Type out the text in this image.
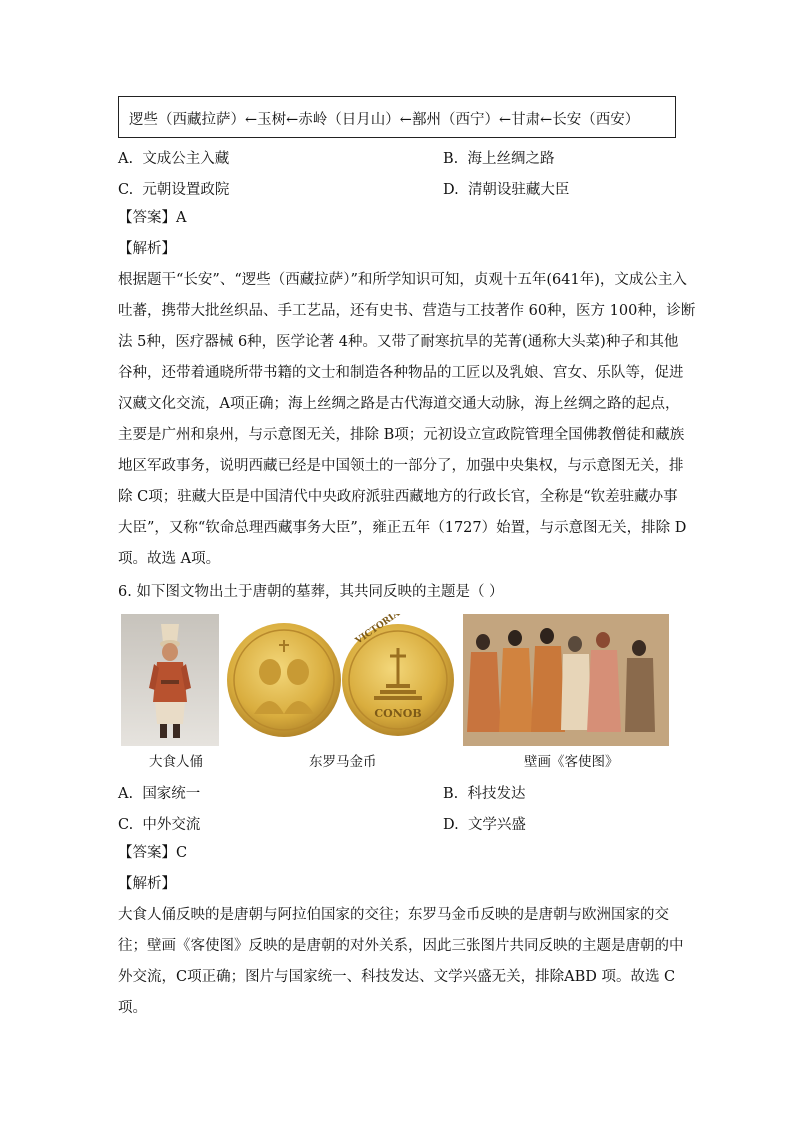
逻些（西藏拉萨）←玉树←赤岭（日月山）←鄯州（西宁）←甘肃←长安（西安）
A. 文成公主入藏	B. 海上丝绸之路
C. 元朝设置政院	D. 清朝设驻藏大臣
【答案】A
【解析】
根据题干“长安”、“逻些（西藏拉萨）”和所学知识可知，贞观十五年(641年)，文成公主入
吐蕃，携带大批丝织品、手工艺品，还有史书、营造与工技著作 60种，医方 100种，诊断
法 5种，医疗器械 6种，医学论著 4种。又带了耐寒抗旱的芜菁(通称大头菜)种子和其他
谷种，还带着通晓所带书籍的文士和制造各种物品的工匠以及乳娘、宫女、乐队等，促进
汉藏文化交流，A项正确；海上丝绸之路是古代海道交通大动脉，海上丝绸之路的起点，
主要是广州和泉州，与示意图无关，排除 B项；元初设立宣政院管理全国佛教僧徒和藏族
地区军政事务，说明西藏已经是中国领土的一部分了，加强中央集权，与示意图无关，排
除 C项；驻藏大臣是中国清代中央政府派驻西藏地方的行政长官，全称是“钦差驻藏办事
大臣”，又称“钦命总理西藏事务大臣”，雍正五年（1727）始置，与示意图无关，排除 D
项。故选 A项。
6. 如下图文物出土于唐朝的墓葬，其共同反映的主题是（ ）
大食人俑
CONOB
东罗马金币	壁画《客使图》
A. 国家统一	B. 科技发达
C. 中外交流	D. 文学兴盛
【答案】C
【解析】
大食人俑反映的是唐朝与阿拉伯国家的交往；东罗马金币反映的是唐朝与欧洲国家的交
往；壁画《客使图》反映的是唐朝的对外关系，因此三张图片共同反映的主题是唐朝的中
外交流，C项正确；图片与国家统一、科技发达、文学兴盛无关，排除ABD 项。故选 C
项。
